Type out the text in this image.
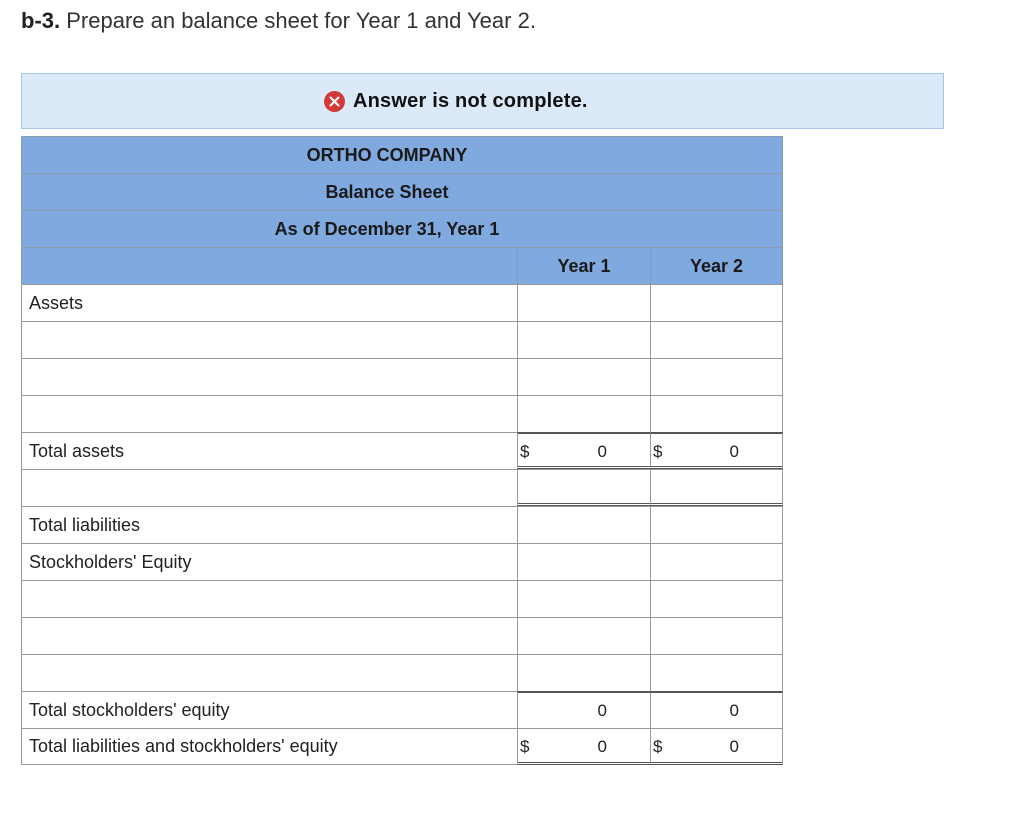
b-3. Prepare an balance sheet for Year 1 and Year 2.
Answer is not complete.
ORTHO COMPANY
Balance Sheet
As of December 31, Year 1
Year 1	Year 2
Assets
Total assets	$	0	$	0
Total liabilities
Stockholders' Equity
Total stockholders' equity	0	0
Total liabilities and stockholders' equity	$	0	$	0
